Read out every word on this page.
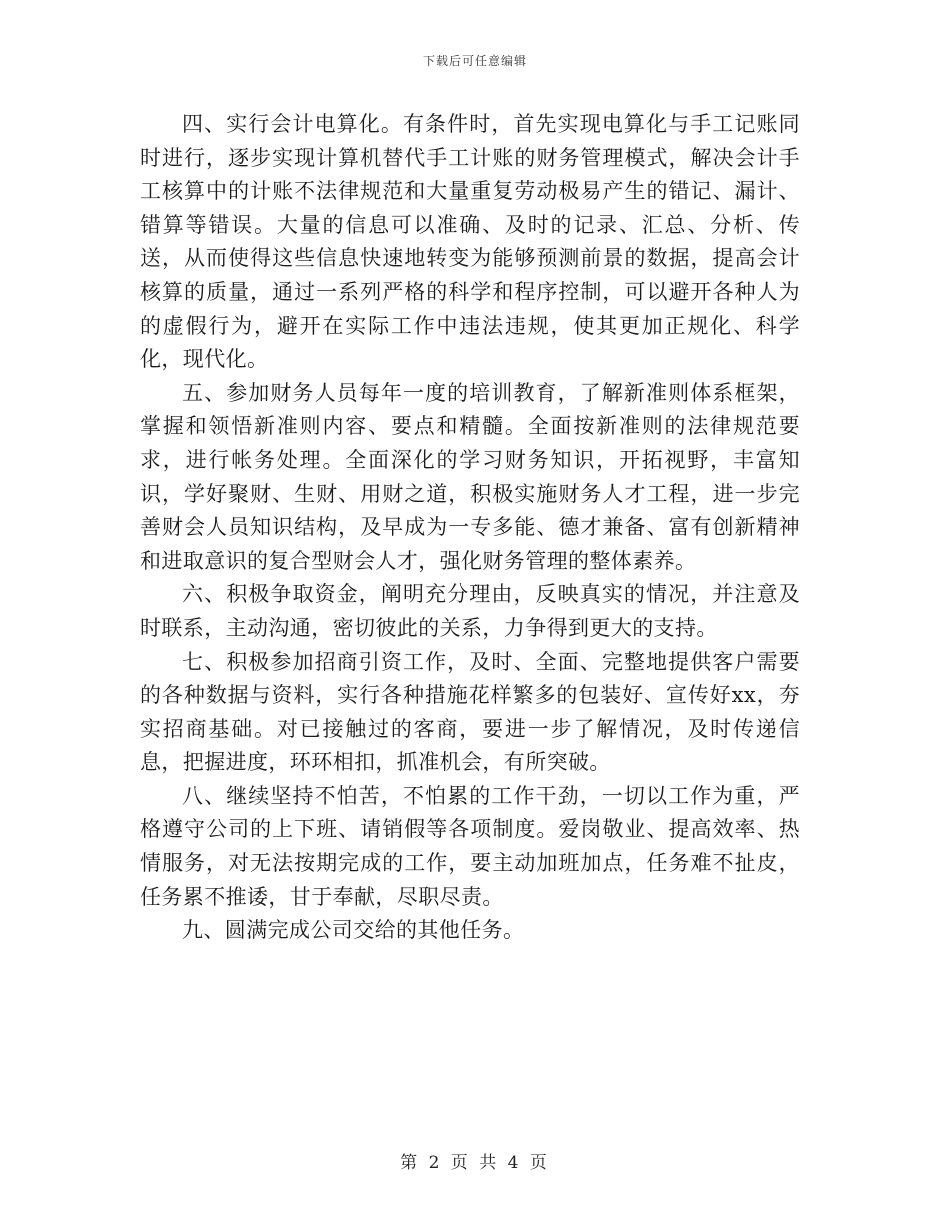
下载后可任意编辑

四、实行会计电算化。有条件时，首先实现电算化与手工记账同时进行，逐步实现计算机替代手工计账的财务管理模式，解决会计手工核算中的计账不法律规范和大量重复劳动极易产生的错记、漏计、错算等错误。大量的信息可以准确、及时的记录、汇总、分析、传送，从而使得这些信息快速地转变为能够预测前景的数据，提高会计核算的质量，通过一系列严格的科学和程序控制，可以避开各种人为的虚假行为，避开在实际工作中违法违规，使其更加正规化、科学化，现代化。

五、参加财务人员每年一度的培训教育，了解新准则体系框架，掌握和领悟新准则内容、要点和精髓。全面按新准则的法律规范要求，进行帐务处理。全面深化的学习财务知识，开拓视野，丰富知识，学好聚财、生财、用财之道，积极实施财务人才工程，进一步完善财会人员知识结构，及早成为一专多能、德才兼备、富有创新精神和进取意识的复合型财会人才，强化财务管理的整体素养。

六、积极争取资金，阐明充分理由，反映真实的情况，并注意及时联系，主动沟通，密切彼此的关系，力争得到更大的支持。

七、积极参加招商引资工作，及时、全面、完整地提供客户需要的各种数据与资料，实行各种措施花样繁多的包装好、宣传好xx，夯实招商基础。对已接触过的客商，要进一步了解情况，及时传递信息，把握进度，环环相扣，抓准机会，有所突破。

八、继续坚持不怕苦，不怕累的工作干劲，一切以工作为重，严格遵守公司的上下班、请销假等各项制度。爱岗敬业、提高效率、热情服务，对无法按期完成的工作，要主动加班加点，任务难不扯皮，任务累不推诿，甘于奉献，尽职尽责。

九、圆满完成公司交给的其他任务。

第 2 页 共 4 页
